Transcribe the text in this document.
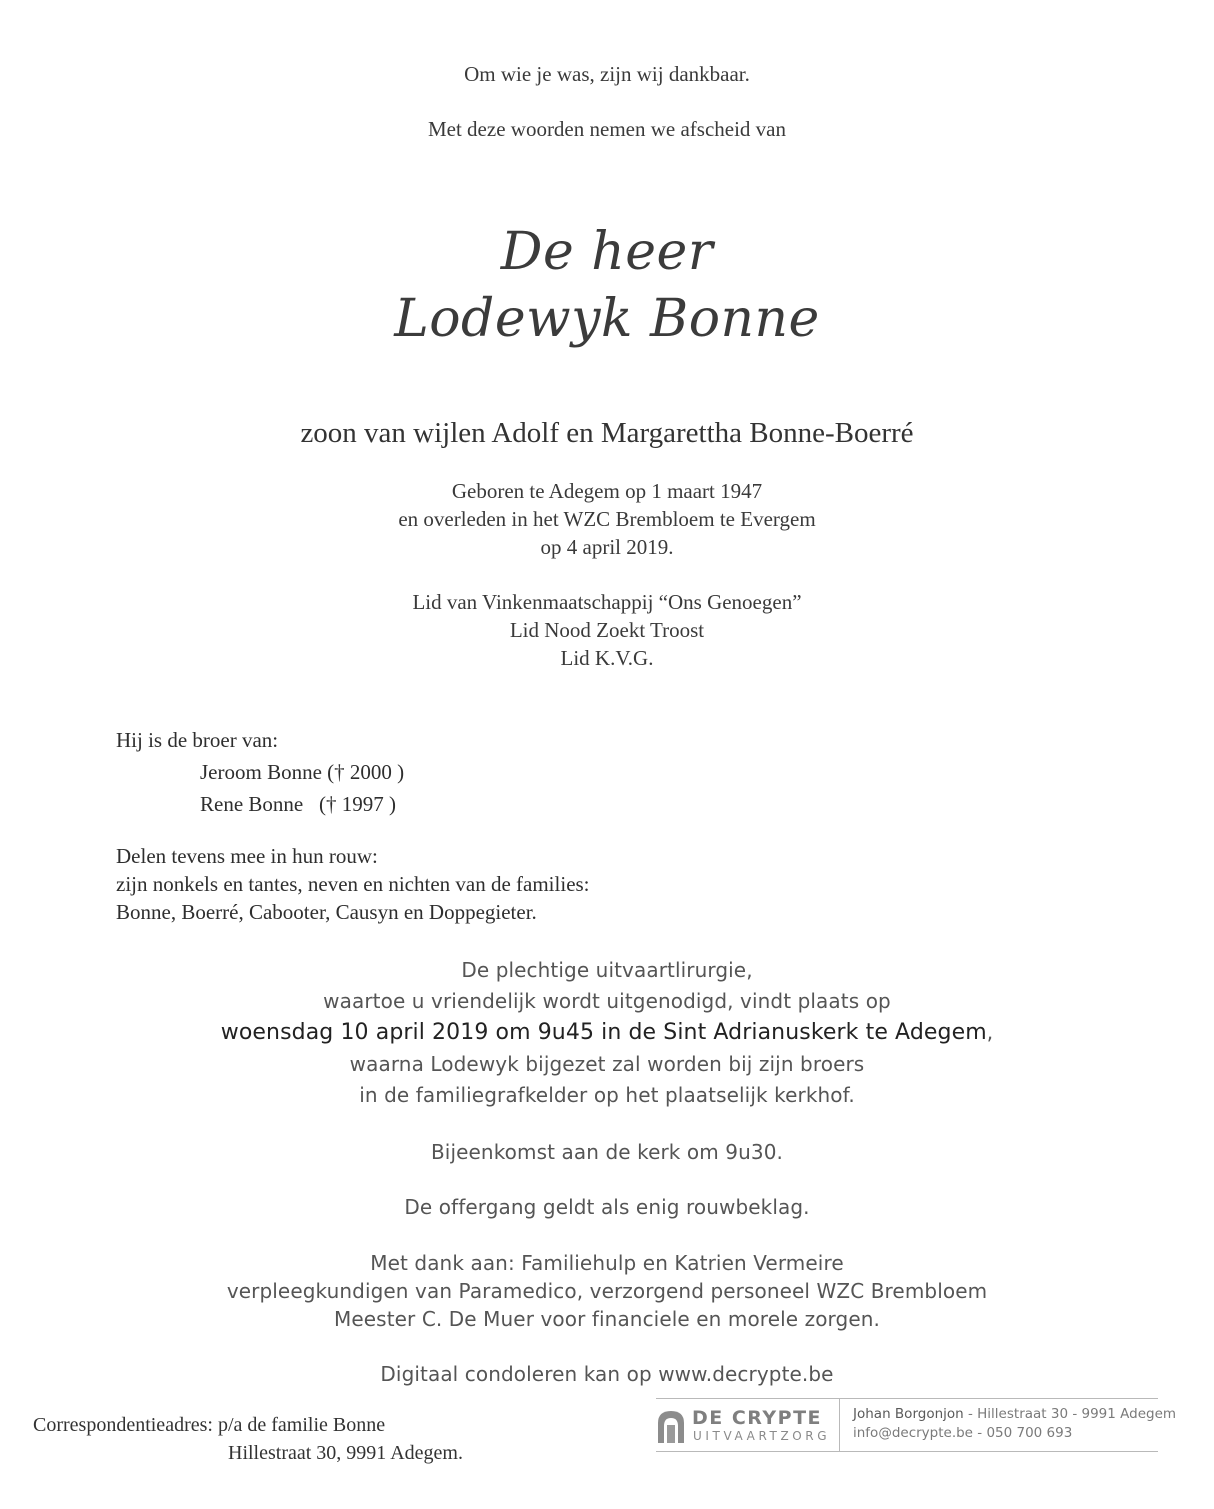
Om wie je was, zijn wij dankbaar.
Met deze woorden nemen we afscheid van
De heer
Lodewyk Bonne
zoon van wijlen Adolf en Margarettha Bonne-Boerré
Geboren te Adegem op 1 maart 1947
en overleden in het WZC Brembloem te Evergem
op 4 april 2019.
Lid van Vinkenmaatschappij “Ons Genoegen”
Lid Nood Zoekt Troost
Lid K.V.G.
Hij is de broer van:
Jeroom Bonne († 2000 )
Rene Bonne   († 1997 )
Delen tevens mee in hun rouw:
zijn nonkels en tantes, neven en nichten van de families:
Bonne, Boerré, Cabooter, Causyn en Doppegieter.
De plechtige uitvaartlirurgie,
waartoe u vriendelijk wordt uitgenodigd, vindt plaats op
woensdag 10 april 2019 om 9u45 in de Sint Adrianuskerk te Adegem,
waarna Lodewyk bijgezet zal worden bij zijn broers
in de familiegrafkelder op het plaatselijk kerkhof.
Bijeenkomst aan de kerk om 9u30.
De offergang geldt als enig rouwbeklag.
Met dank aan: Familiehulp en Katrien Vermeire
verpleegkundigen van Paramedico, verzorgend personeel WZC Brembloem
Meester C. De Muer voor financiele en morele zorgen.
Digitaal condoleren kan op www.decrypte.be
Correspondentieadres: p/a de familie Bonne
Hillestraat 30, 9991 Adegem.
DE CRYPTE
UITVAARTZORG
Johan Borgonjon - Hillestraat 30 - 9991 Adegem
info@decrypte.be - 050 700 693
